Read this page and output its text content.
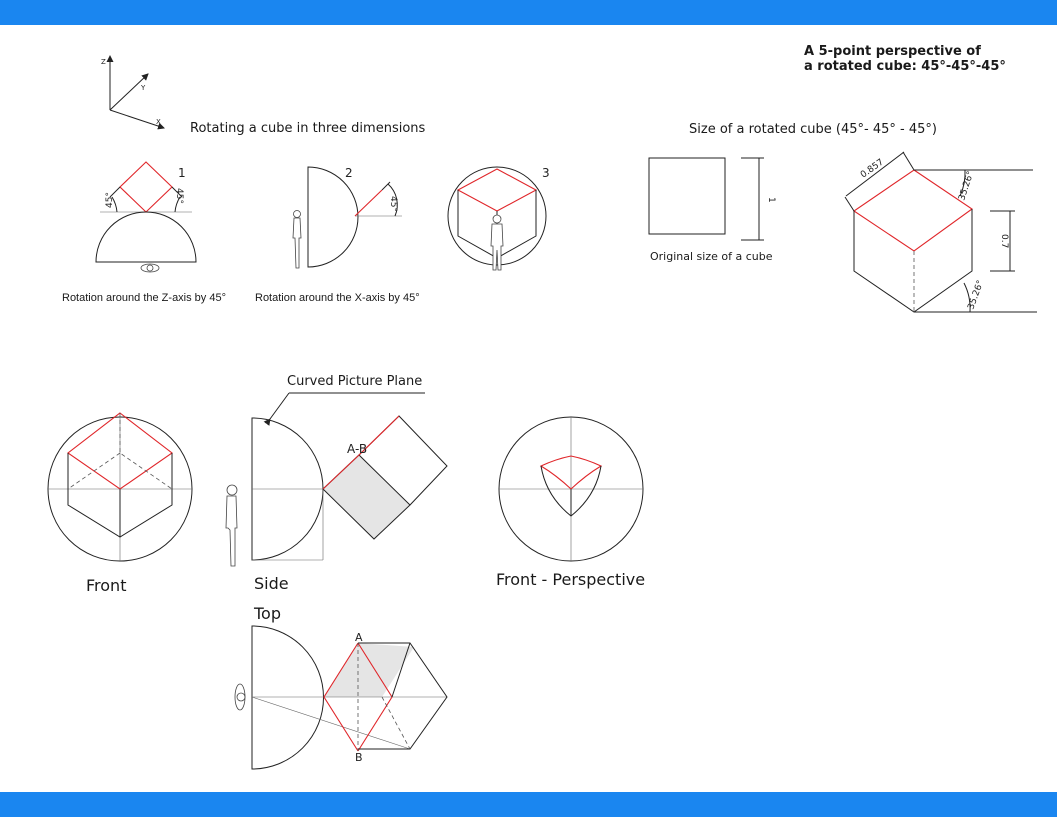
A 5-point perspective of
a rotated cube: 45°-45°-45°
Rotating a cube in three dimensions	Size of a rotated cube (45°- 45° - 45°)
Rotation around the Z-axis by 45°	Rotation around the X-axis by 45°
Original size of a cube
Curved Picture Plane
Front	Side
Top
Front - Perspective
Z
Y
X
45°	45°
1
45°
2	3
1
0.857
35.26°
0.7
35.26°
A-B
A
B
